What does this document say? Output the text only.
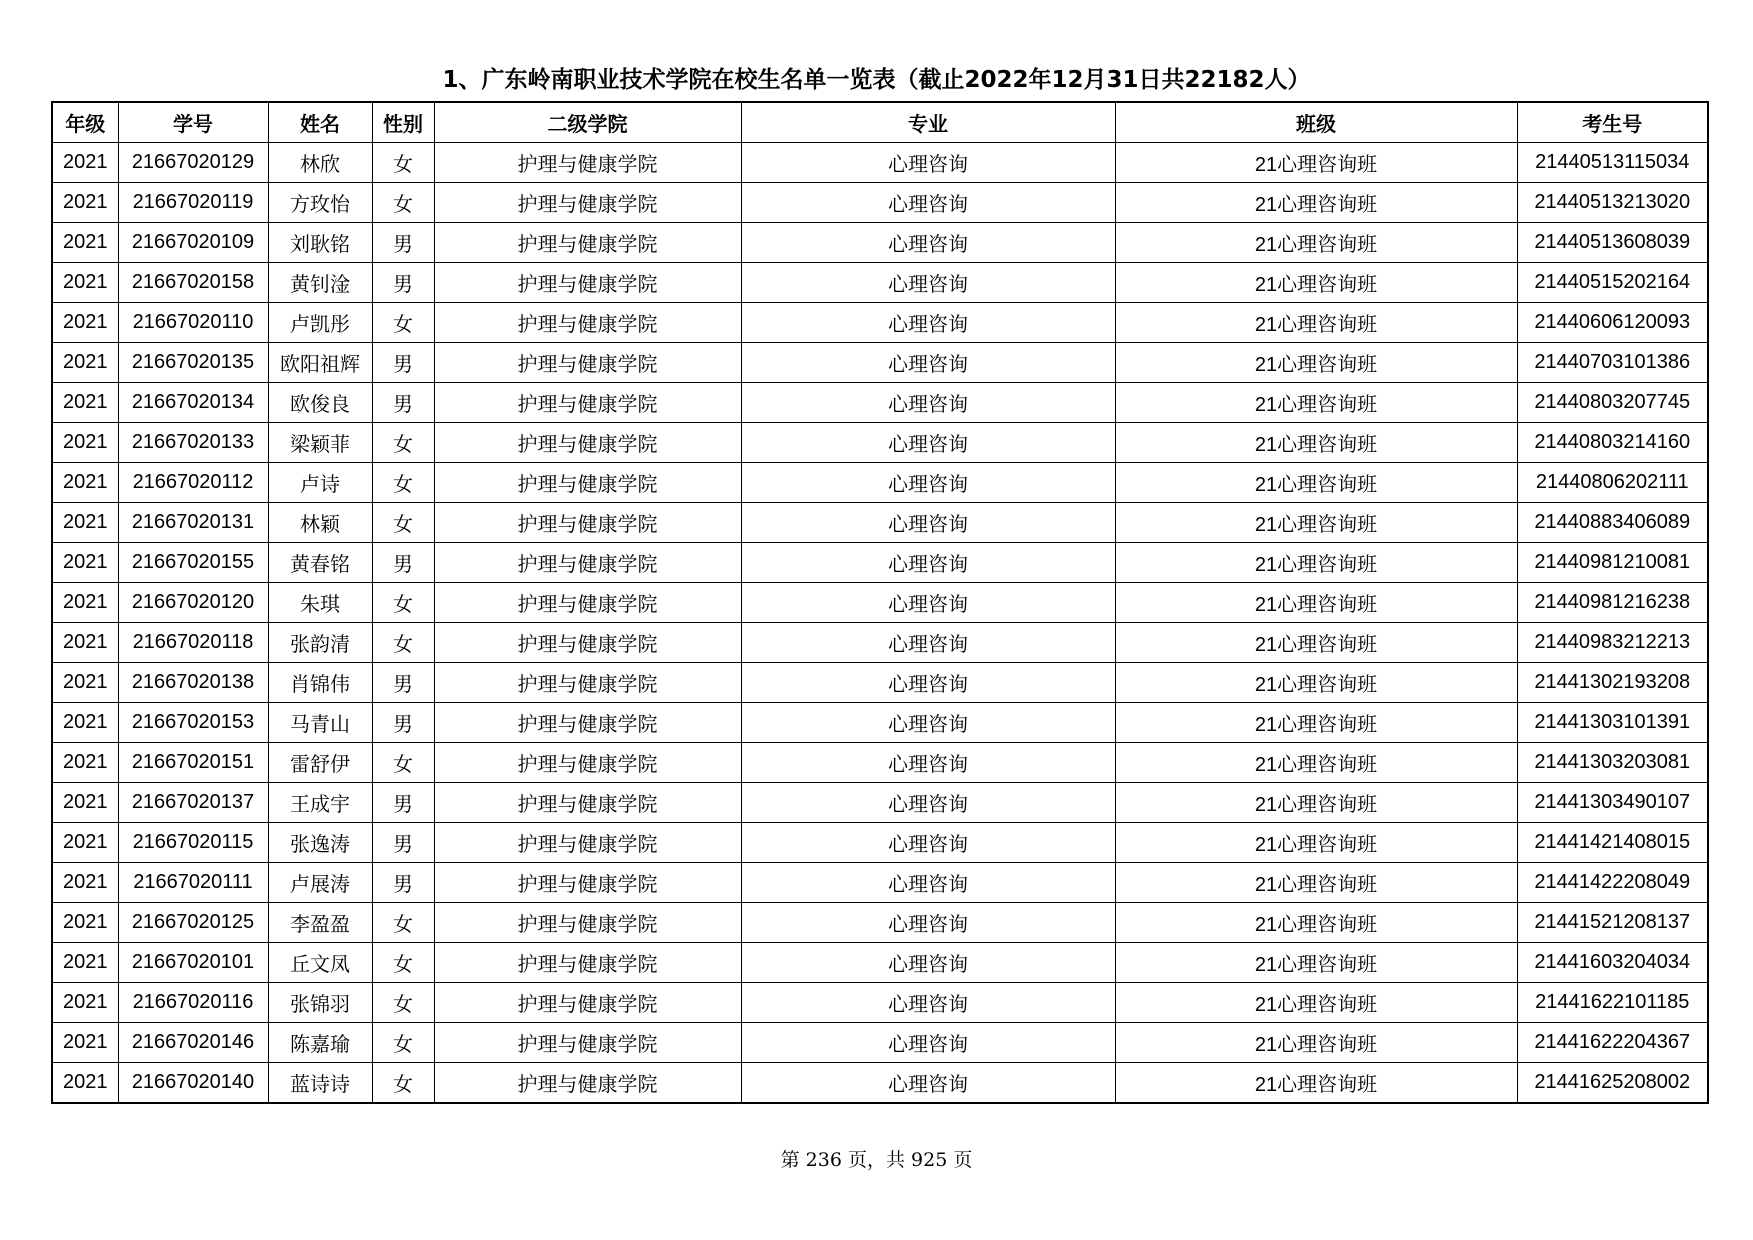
1、广东岭南职业技术学院在校生名单一览表（截止2022年12月31日共22182人）
年级	学号	姓名	性别	二级学院	专业	班级	考生号
2021	21667020129	林欣	女	护理与健康学院	心理咨询	21心理咨询班	21440513115034
2021	21667020119	方玫怡	女	护理与健康学院	心理咨询	21心理咨询班	21440513213020
2021	21667020109	刘耿铭	男	护理与健康学院	心理咨询	21心理咨询班	21440513608039
2021	21667020158	黄钊淦	男	护理与健康学院	心理咨询	21心理咨询班	21440515202164
2021	21667020110	卢凯彤	女	护理与健康学院	心理咨询	21心理咨询班	21440606120093
2021	21667020135	欧阳祖辉	男	护理与健康学院	心理咨询	21心理咨询班	21440703101386
2021	21667020134	欧俊良	男	护理与健康学院	心理咨询	21心理咨询班	21440803207745
2021	21667020133	梁颖菲	女	护理与健康学院	心理咨询	21心理咨询班	21440803214160
2021	21667020112	卢诗	女	护理与健康学院	心理咨询	21心理咨询班	21440806202111
2021	21667020131	林颖	女	护理与健康学院	心理咨询	21心理咨询班	21440883406089
2021	21667020155	黄春铭	男	护理与健康学院	心理咨询	21心理咨询班	21440981210081
2021	21667020120	朱琪	女	护理与健康学院	心理咨询	21心理咨询班	21440981216238
2021	21667020118	张韵清	女	护理与健康学院	心理咨询	21心理咨询班	21440983212213
2021	21667020138	肖锦伟	男	护理与健康学院	心理咨询	21心理咨询班	21441302193208
2021	21667020153	马青山	男	护理与健康学院	心理咨询	21心理咨询班	21441303101391
2021	21667020151	雷舒伊	女	护理与健康学院	心理咨询	21心理咨询班	21441303203081
2021	21667020137	王成宇	男	护理与健康学院	心理咨询	21心理咨询班	21441303490107
2021	21667020115	张逸涛	男	护理与健康学院	心理咨询	21心理咨询班	21441421408015
2021	21667020111	卢展涛	男	护理与健康学院	心理咨询	21心理咨询班	21441422208049
2021	21667020125	李盈盈	女	护理与健康学院	心理咨询	21心理咨询班	21441521208137
2021	21667020101	丘文凤	女	护理与健康学院	心理咨询	21心理咨询班	21441603204034
2021	21667020116	张锦羽	女	护理与健康学院	心理咨询	21心理咨询班	21441622101185
2021	21667020146	陈嘉瑜	女	护理与健康学院	心理咨询	21心理咨询班	21441622204367
2021	21667020140	蓝诗诗	女	护理与健康学院	心理咨询	21心理咨询班	21441625208002
第 236 页，共 925 页
